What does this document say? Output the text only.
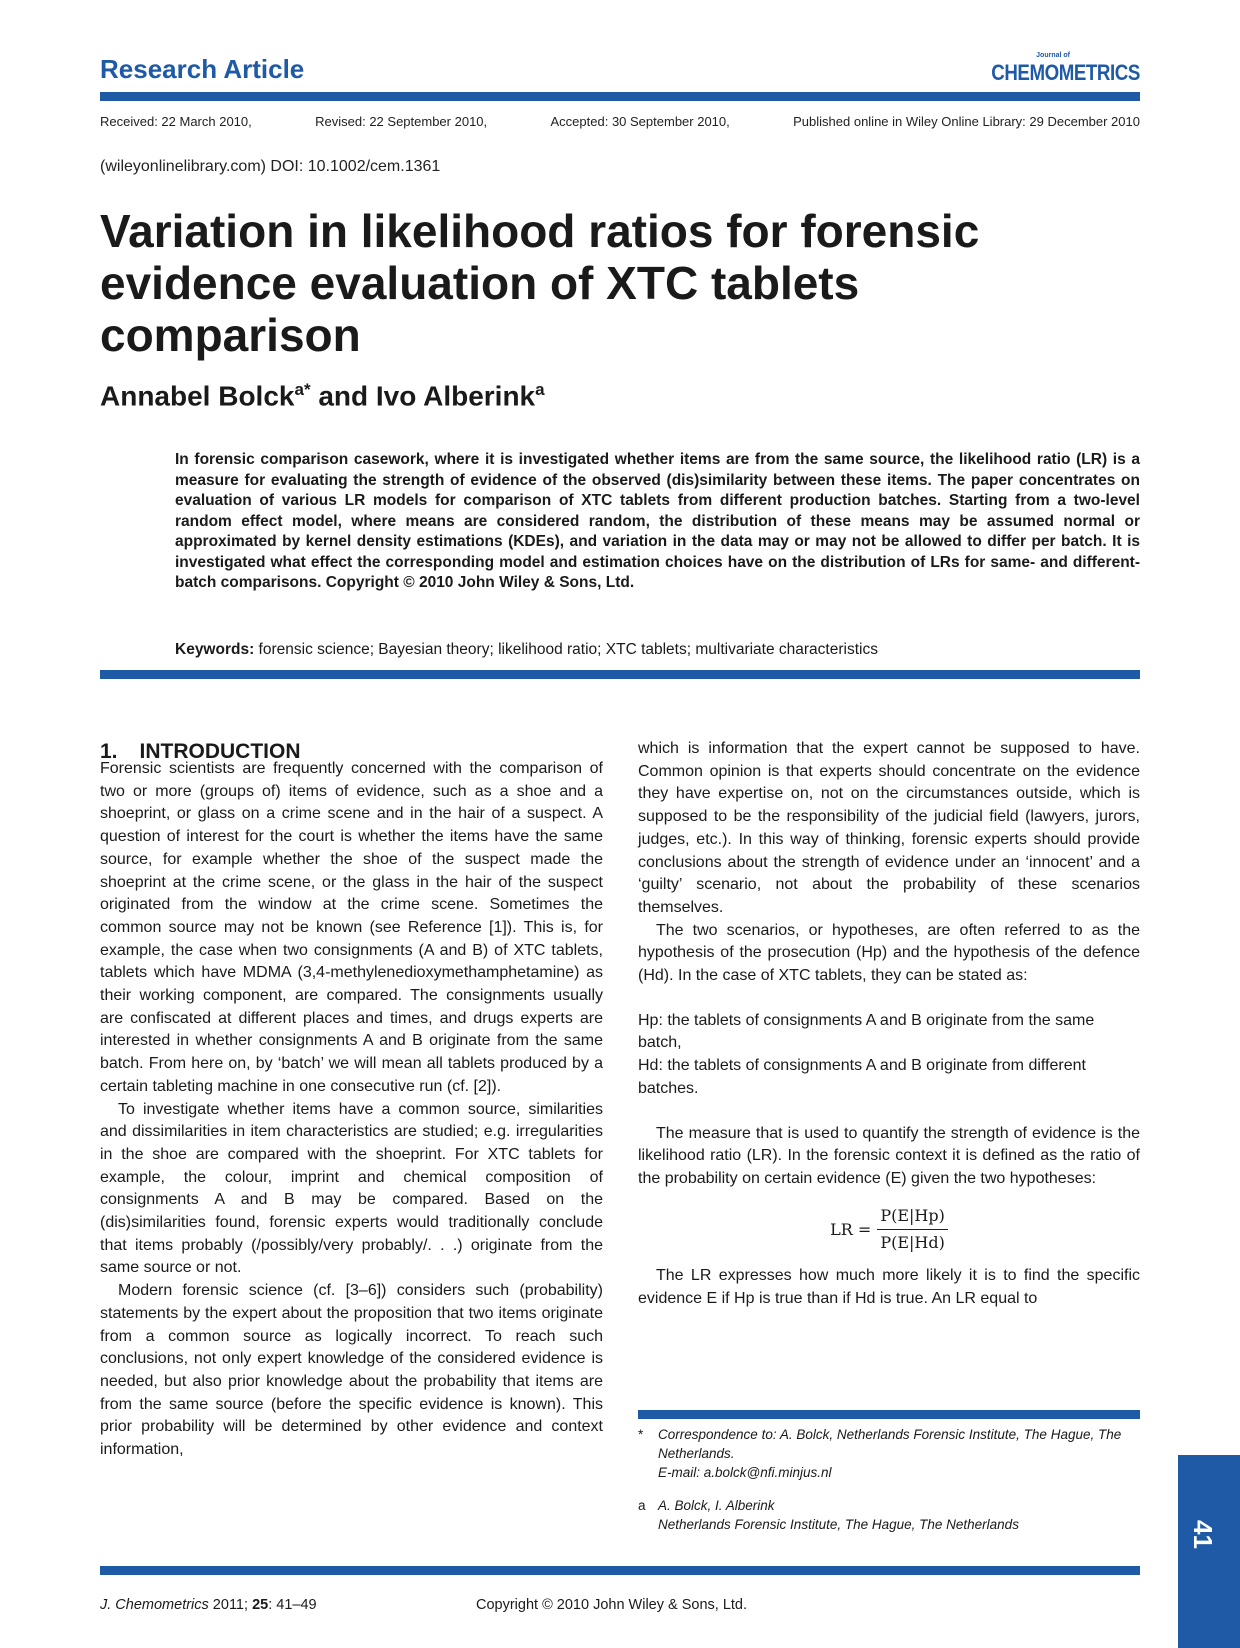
Research Article	Journal of
CHEMOMETRICS
Received: 22 March 2010,	Revised: 22 September 2010,	Accepted: 30 September 2010,	Published online in Wiley Online Library: 29 December 2010
(wileyonlinelibrary.com) DOI: 10.1002/cem.1361
Variation in likelihood ratios for forensic evidence evaluation of XTC tablets comparison
Annabel Bolck$^{a*}$ and Ivo Alberink$^a$
In forensic comparison casework, where it is investigated whether items are from the same source, the likelihood ratio (LR) is a measure for evaluating the strength of evidence of the observed (dis)similarity between these items. The paper concentrates on evaluation of various LR models for comparison of XTC tablets from different production batches. Starting from a two-level random effect model, where means are considered random, the distribution of these means may be assumed normal or approximated by kernel density estimations (KDEs), and variation in the data may or may not be allowed to differ per batch. It is investigated what effect the corresponding model and estimation choices have on the distribution of LRs for same- and different-batch comparisons. Copyright © 2010 John Wiley & Sons, Ltd.
Keywords: forensic science; Bayesian theory; likelihood ratio; XTC tablets; multivariate characteristics
1. INTRODUCTION

Forensic scientists are frequently concerned with the comparison of two or more (groups of) items of evidence, such as a shoe and a shoeprint, or glass on a crime scene and in the hair of a suspect. A question of interest for the court is whether the items have the same source, for example whether the shoe of the suspect made the shoeprint at the crime scene, or the glass in the hair of the suspect originated from the window at the crime scene. Sometimes the common source may not be known (see Reference [1]). This is, for example, the case when two consignments (A and B) of XTC tablets, tablets which have MDMA (3,4-methylenedioxymethamphetamine) as their working component, are compared. The consignments usually are confiscated at different places and times, and drugs experts are interested in whether consignments A and B originate from the same batch. From here on, by ‘batch’ we will mean all tablets produced by a certain tableting machine in one consecutive run (cf. [2]).

To investigate whether items have a common source, similarities and dissimilarities in item characteristics are studied; e.g. irregularities in the shoe are compared with the shoeprint. For XTC tablets for example, the colour, imprint and chemical composition of consignments A and B may be compared. Based on the (dis)similarities found, forensic experts would traditionally conclude that items probably (/possibly/very probably/. . .) originate from the same source or not.

Modern forensic science (cf. [3–6]) considers such (probability) statements by the expert about the proposition that two items originate from a common source as logically incorrect. To reach such conclusions, not only expert knowledge of the considered evidence is needed, but also prior knowledge about the probability that items are from the same source (before the specific evidence is known). This prior probability will be determined by other evidence and context information,

which is information that the expert cannot be supposed to have. Common opinion is that experts should concentrate on the evidence they have expertise on, not on the circumstances outside, which is supposed to be the responsibility of the judicial field (lawyers, jurors, judges, etc.). In this way of thinking, forensic experts should provide conclusions about the strength of evidence under an ‘innocent’ and a ‘guilty’ scenario, not about the probability of these scenarios themselves.

The two scenarios, or hypotheses, are often referred to as the hypothesis of the prosecution (Hp) and the hypothesis of the defence (Hd). In the case of XTC tablets, they can be stated as:

Hp: the tablets of consignments A and B originate from the same batch,

Hd: the tablets of consignments A and B originate from different batches.

The measure that is used to quantify the strength of evidence is the likelihood ratio (LR). In the forensic context it is defined as the ratio of the probability on certain evidence (E) given the two hypotheses:

LR = $\frac{P(E|Hp)}{P(E|Hd)}$

The LR expresses how much more likely it is to find the specific evidence E if Hp is true than if Hd is true. An LR equal to

*	Correspondence to: A. Bolck, Netherlands Forensic Institute, The Hague, The Netherlands.

E-mail: a.bolck@nfi.minjus.nl

a A. Bolck, I. Alberink

Netherlands Forensic Institute, The Hague, The Netherlands

J. Chemometrics 2011; 25: 41–49	Copyright © 2010 John Wiley & Sons, Ltd.
41
